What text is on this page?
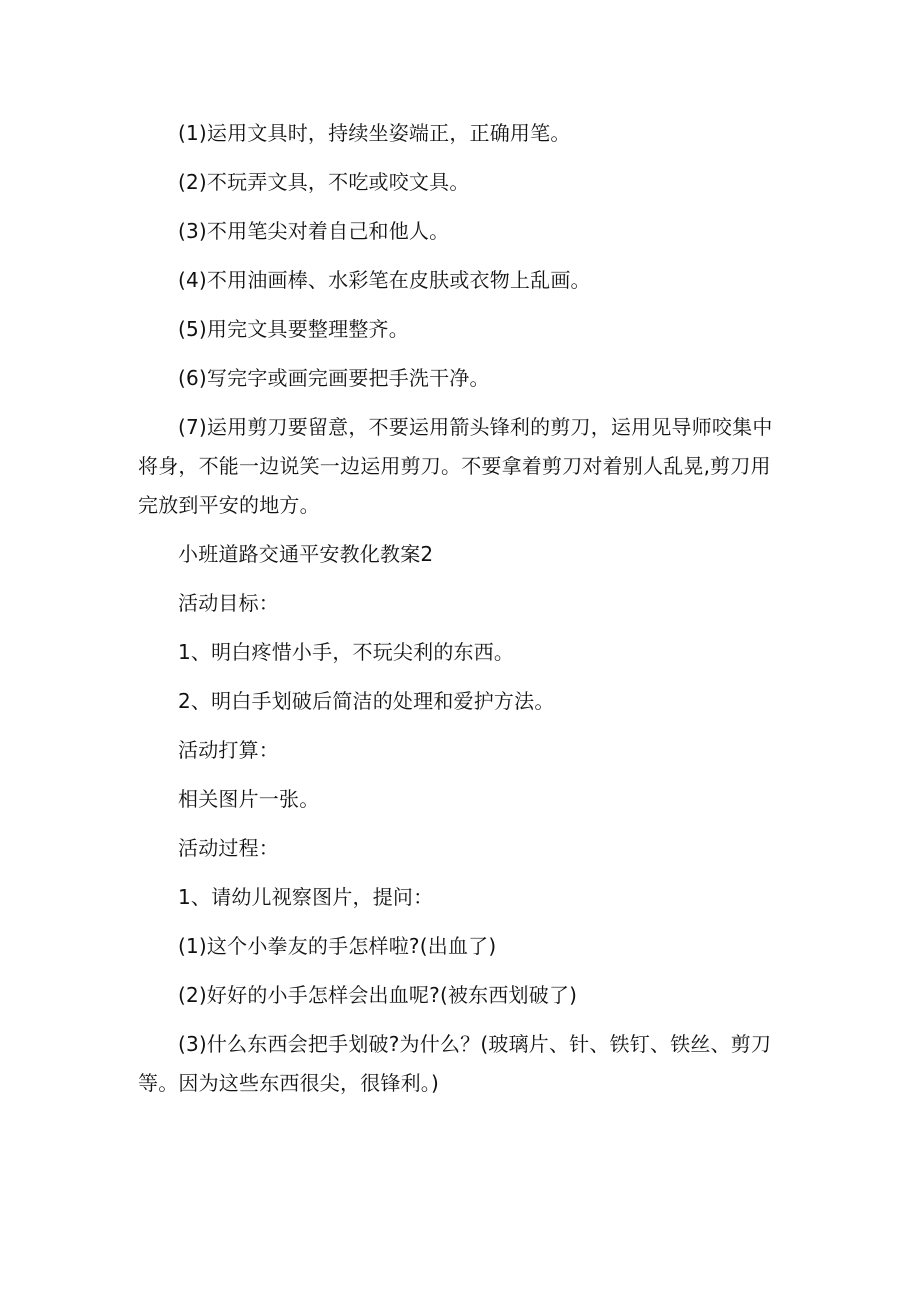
(1)运用文具时，持续坐姿端正，正确用笔。

(2)不玩弄文具，不吃或咬文具。

(3)不用笔尖对着自己和他人。

(4)不用油画棒、水彩笔在皮肤或衣物上乱画。

(5)用完文具要整理整齐。

(6)写完字或画完画要把手洗干净。

(7)运用剪刀要留意，不要运用箭头锋利的剪刀，运用见导师咬集中将身，不能一边说笑一边运用剪刀。不要拿着剪刀对着别人乱晃,剪刀用完放到平安的地方。

小班道路交通平安教化教案2

活动目标：

1、明白疼惜小手，不玩尖利的东西。

2、明白手划破后简洁的处理和爱护方法。

活动打算：

相关图片一张。

活动过程：

1、请幼儿视察图片，提问：

(1)这个小拳友的手怎样啦?(出血了)

(2)好好的小手怎样会出血呢?(被东西划破了)

(3)什么东西会把手划破?为什么？(玻璃片、针、铁钉、铁丝、剪刀等。因为这些东西很尖，很锋利。)
